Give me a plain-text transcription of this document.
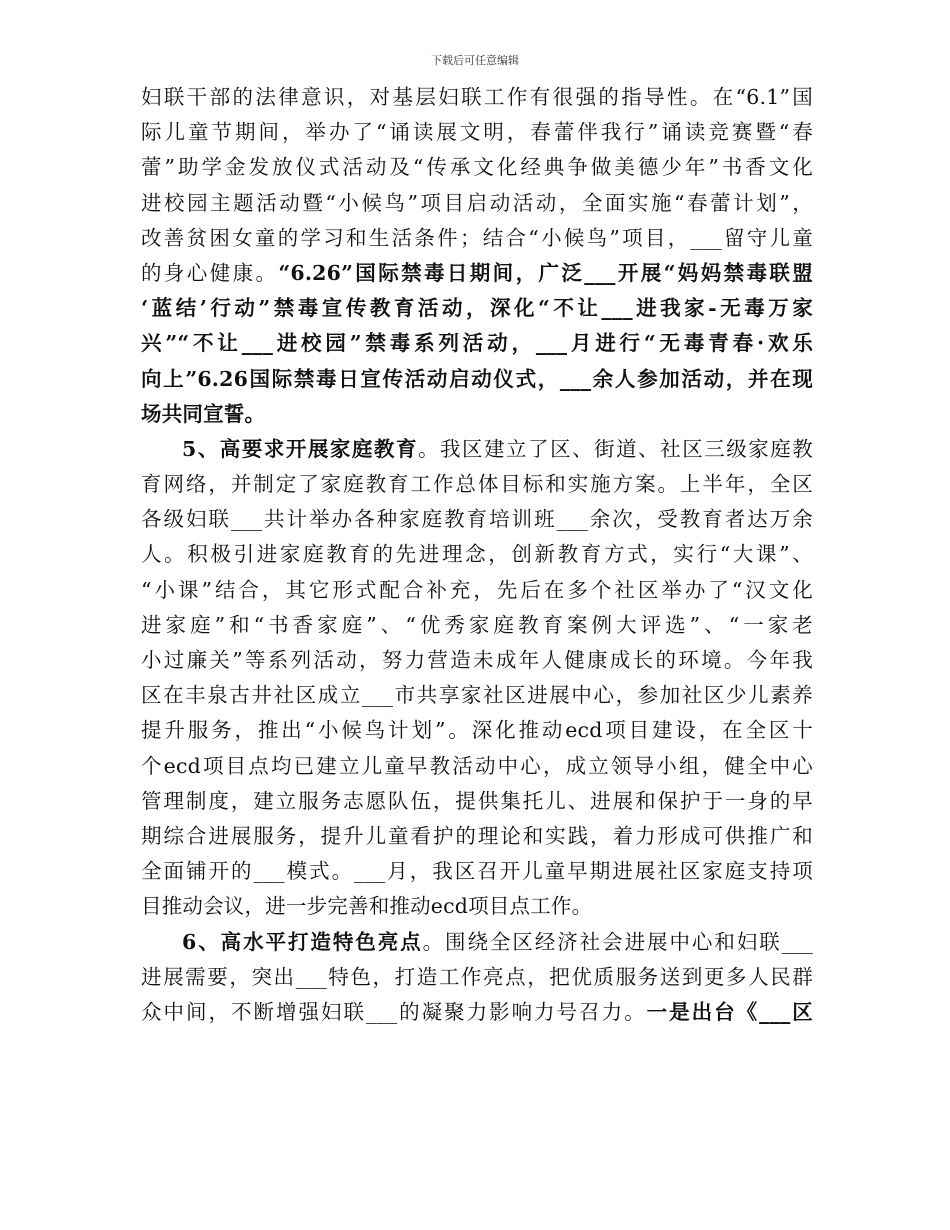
下载后可任意编辑
妇联干部的法律意识，对基层妇联工作有很强的指导性。在“6.1”国
际儿童节期间，举办了“诵读展文明，春蕾伴我行”诵读竞赛暨“春
蕾”助学金发放仪式活动及“传承文化经典争做美德少年”书香文化
进校园主题活动暨“小候鸟”项目启动活动，全面实施“春蕾计划”，
改善贫困女童的学习和生活条件；结合“小候鸟”项目，___留守儿童
的身心健康。“6.26”国际禁毒日期间，广泛___开展“妈妈禁毒联盟
‘蓝结’行动”禁毒宣传教育活动，深化“不让___进我家-无毒万家
兴”“不让___进校园”禁毒系列活动，___月进行“无毒青春·欢乐
向上”6.26国际禁毒日宣传活动启动仪式，___余人参加活动，并在现
场共同宣誓。
5、高要求开展家庭教育。我区建立了区、街道、社区三级家庭教
育网络，并制定了家庭教育工作总体目标和实施方案。上半年，全区
各级妇联___共计举办各种家庭教育培训班___余次，受教育者达万余
人。积极引进家庭教育的先进理念，创新教育方式，实行“大课”、
“小课”结合，其它形式配合补充，先后在多个社区举办了“汉文化
进家庭”和“书香家庭”、“优秀家庭教育案例大评选”、“一家老
小过廉关”等系列活动，努力营造未成年人健康成长的环境。今年我
区在丰泉古井社区成立___市共享家社区进展中心，参加社区少儿素养
提升服务，推出“小候鸟计划”。深化推动ecd项目建设，在全区十
个ecd项目点均已建立儿童早教活动中心，成立领导小组，健全中心
管理制度，建立服务志愿队伍，提供集托儿、进展和保护于一身的早
期综合进展服务，提升儿童看护的理论和实践，着力形成可供推广和
全面铺开的___模式。___月，我区召开儿童早期进展社区家庭支持项
目推动会议，进一步完善和推动ecd项目点工作。
6、高水平打造特色亮点。围绕全区经济社会进展中心和妇联___
进展需要，突出___特色，打造工作亮点，把优质服务送到更多人民群
众中间，不断增强妇联___的凝聚力影响力号召力。一是出台《___区
